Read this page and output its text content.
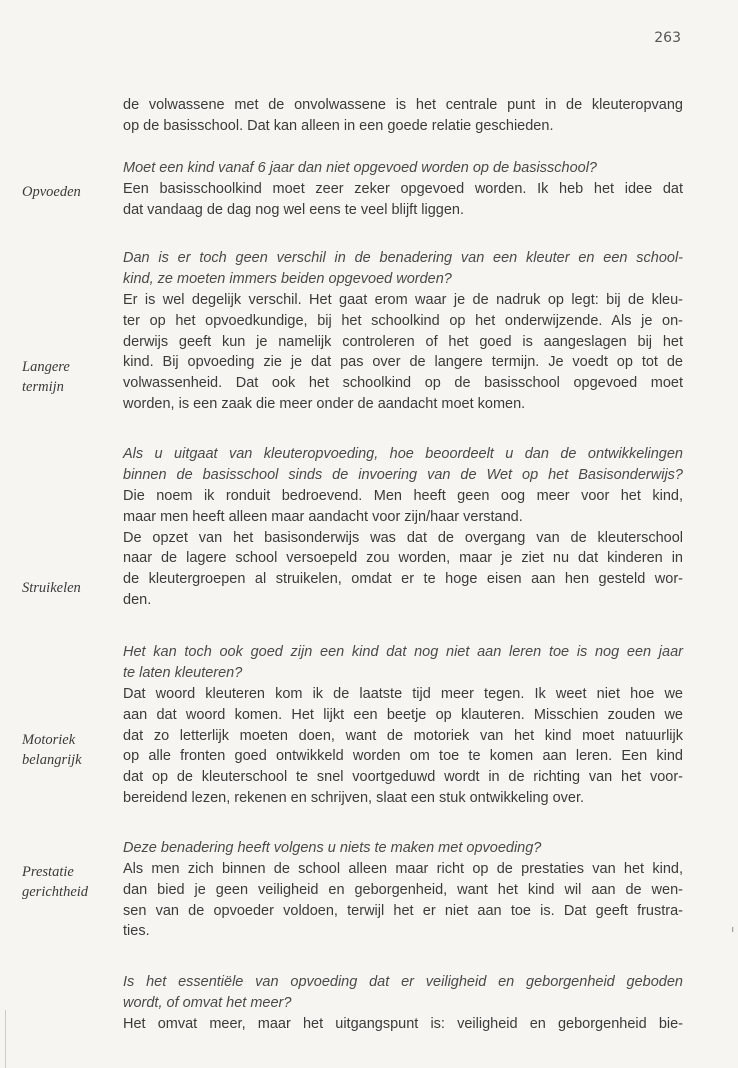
263
Opvoeden
Langere
termijn
Struikelen
Motoriek
belangrijk
Prestatie
gerichtheid
de volwassene met de onvolwassene is het centrale punt in de kleuteropvang
op de basisschool. Dat kan alleen in een goede relatie geschieden.
Moet een kind vanaf 6 jaar dan niet opgevoed worden op de basisschool?
Een basisschoolkind moet zeer zeker opgevoed worden. Ik heb het idee dat
dat vandaag de dag nog wel eens te veel blijft liggen.
Dan is er toch geen verschil in de benadering van een kleuter en een school-
kind, ze moeten immers beiden opgevoed worden?
Er is wel degelijk verschil. Het gaat erom waar je de nadruk op legt: bij de kleu-
ter op het opvoedkundige, bij het schoolkind op het onderwijzende. Als je on-
derwijs geeft kun je namelijk controleren of het goed is aangeslagen bij het
kind. Bij opvoeding zie je dat pas over de langere termijn. Je voedt op tot de
volwassenheid. Dat ook het schoolkind op de basisschool opgevoed moet
worden, is een zaak die meer onder de aandacht moet komen.
Als u uitgaat van kleuteropvoeding, hoe beoordeelt u dan de ontwikkelingen
binnen de basisschool sinds de invoering van de Wet op het Basisonderwijs?
Die noem ik ronduit bedroevend. Men heeft geen oog meer voor het kind,
maar men heeft alleen maar aandacht voor zijn/haar verstand.
De opzet van het basisonderwijs was dat de overgang van de kleuterschool
naar de lagere school versoepeld zou worden, maar je ziet nu dat kinderen in
de kleutergroepen al struikelen, omdat er te hoge eisen aan hen gesteld wor-
den.
Het kan toch ook goed zijn een kind dat nog niet aan leren toe is nog een jaar
te laten kleuteren?
Dat woord kleuteren kom ik de laatste tijd meer tegen. Ik weet niet hoe we
aan dat woord komen. Het lijkt een beetje op klauteren. Misschien zouden we
dat zo letterlijk moeten doen, want de motoriek van het kind moet natuurlijk
op alle fronten goed ontwikkeld worden om toe te komen aan leren. Een kind
dat op de kleuterschool te snel voortgeduwd wordt in de richting van het voor-
bereidend lezen, rekenen en schrijven, slaat een stuk ontwikkeling over.
Deze benadering heeft volgens u niets te maken met opvoeding?
Als men zich binnen de school alleen maar richt op de prestaties van het kind,
dan bied je geen veiligheid en geborgenheid, want het kind wil aan de wen-
sen van de opvoeder voldoen, terwijl het er niet aan toe is. Dat geeft frustra-
ties.
Is het essentiële van opvoeding dat er veiligheid en geborgenheid geboden
wordt, of omvat het meer?
Het omvat meer, maar het uitgangspunt is: veiligheid en geborgenheid bie-
ı
